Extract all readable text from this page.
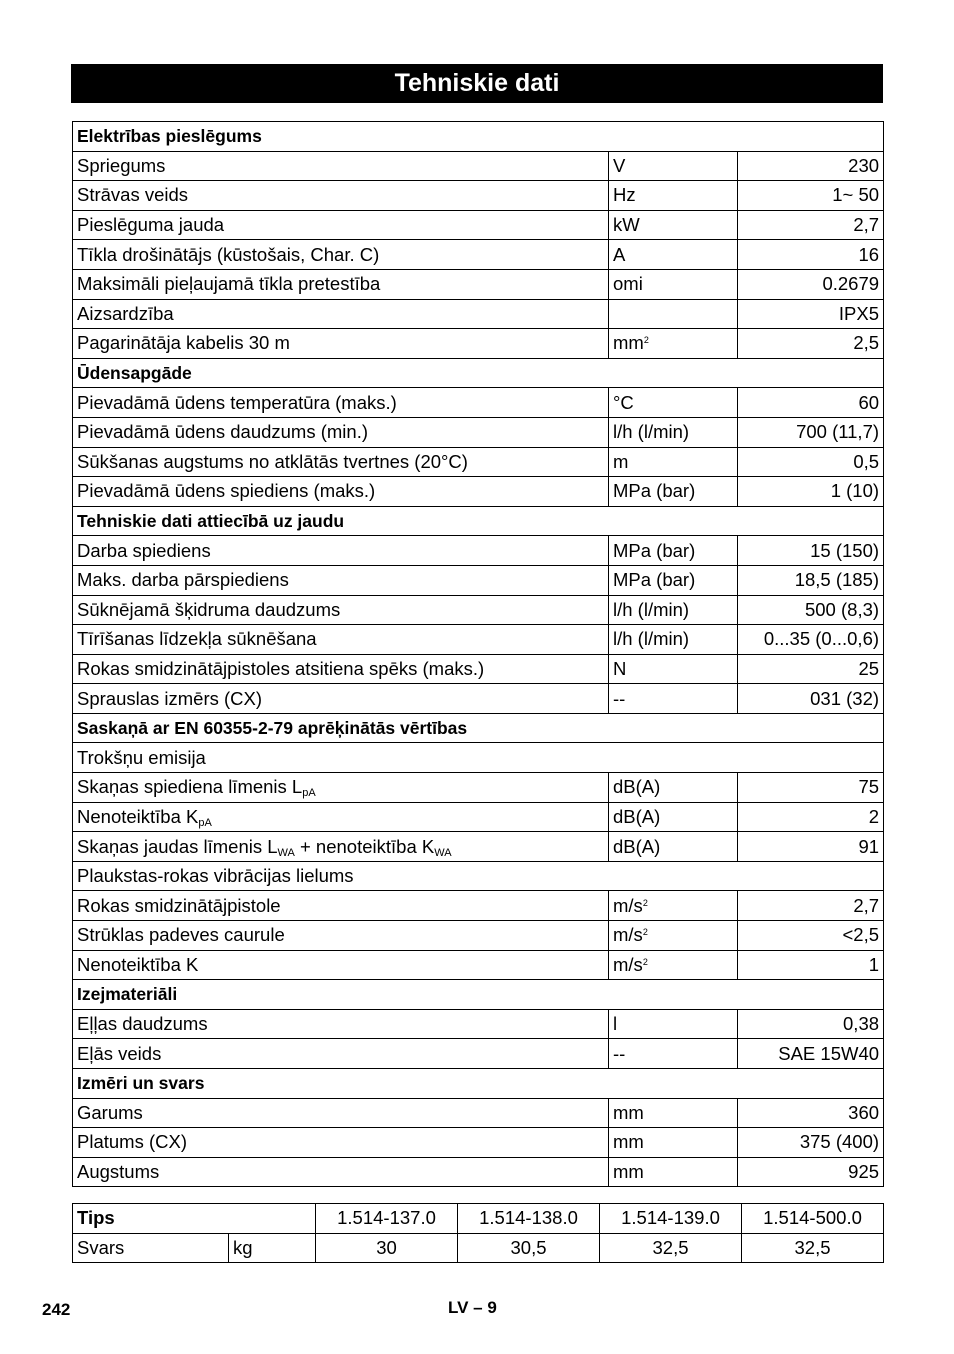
Tehniskie dati
Elektrības pieslēgums		
Spriegums	V	230
Strāvas veids	Hz	1~ 50
Pieslēguma jauda	kW	2,7
Tīkla drošinātājs (kūstošais, Char. C)	A	16
Maksimāli pieļaujamā tīkla pretestība	omi	0.2679
Aizsardzība		IPX5
Pagarinātāja kabelis 30 m	$mm^2$	2,5
Ūdensapgāde		
Pievadāmā ūdens temperatūra (maks.)	°C	60
Pievadāmā ūdens daudzums (min.)	l/h (l/min)	700 (11,7)
Sūkšanas augstums no atklātās tvertnes (20°C)	m	0,5
Pievadāmā ūdens spiediens (maks.)	MPa (bar)	1 (10)
Tehniskie dati attiecībā uz jaudu		
Darba spiediens	MPa (bar)	15 (150)
Maks. darba pārspiediens	MPa (bar)	18,5 (185)
Sūknējamā šķidruma daudzums	l/h (l/min)	500 (8,3)
Tīrīšanas līdzekļa sūknēšana	l/h (l/min)	0...35 (0...0,6)
Rokas smidzinātājpistoles atsitiena spēks (maks.)	N	25
Sprauslas izmērs (CX)	--	031 (32)
Saskaņā ar EN 60355-2-79 aprēķinātās vērtības		
Trokšņu emisija		
Skaņas spiediena līmenis $L_{pA}$	dB(A)	75
Nenoteiktība $K_{pA}$	dB(A)	2
Skaņas jaudas līmenis $L_{WA}$ + nenoteiktība $K_{WA}$	dB(A)	91
Plaukstas-rokas vibrācijas lielums		
Rokas smidzinātājpistole	$m/s^2$	2,7
Strūklas padeves caurule	$m/s^2$	<2,5
Nenoteiktība K	$m/s^2$	1
Izejmateriāli		
Eļļas daudzums	l	0,38
Eļās veids	--	SAE 15W40
Izmēri un svars		
Garums	mm	360
Platums (CX)	mm	375 (400)
Augstums	mm	925
Tips		1.514-137.0	1.514-138.0	1.514-139.0	1.514-500.0
Svars	kg	30	30,5	32,5	32,5
242	LV – 9
